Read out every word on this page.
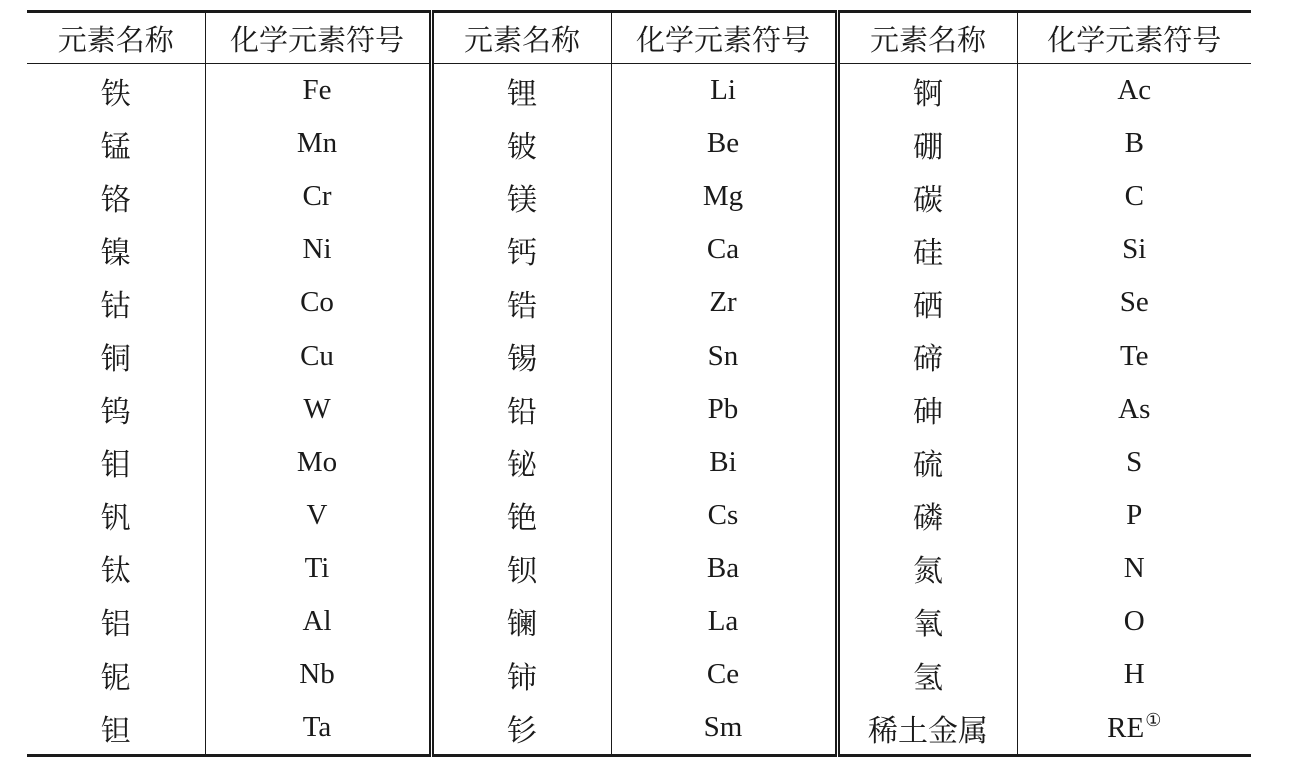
元素名称	化学元素符号	元素名称	化学元素符号	元素名称	化学元素符号
铁	Fe	锂	Li	锕	Ac
锰	Mn	铍	Be	硼	B
铬	Cr	镁	Mg	碳	C
镍	Ni	钙	Ca	硅	Si
钴	Co	锆	Zr	硒	Se
铜	Cu	锡	Sn	碲	Te
钨	W	铅	Pb	砷	As
钼	Mo	铋	Bi	硫	S
钒	V	铯	Cs	磷	P
钛	Ti	钡	Ba	氮	N
铝	Al	镧	La	氧	O
铌	Nb	铈	Ce	氢	H
钽	Ta	钐	Sm	稀土金属	RE①
